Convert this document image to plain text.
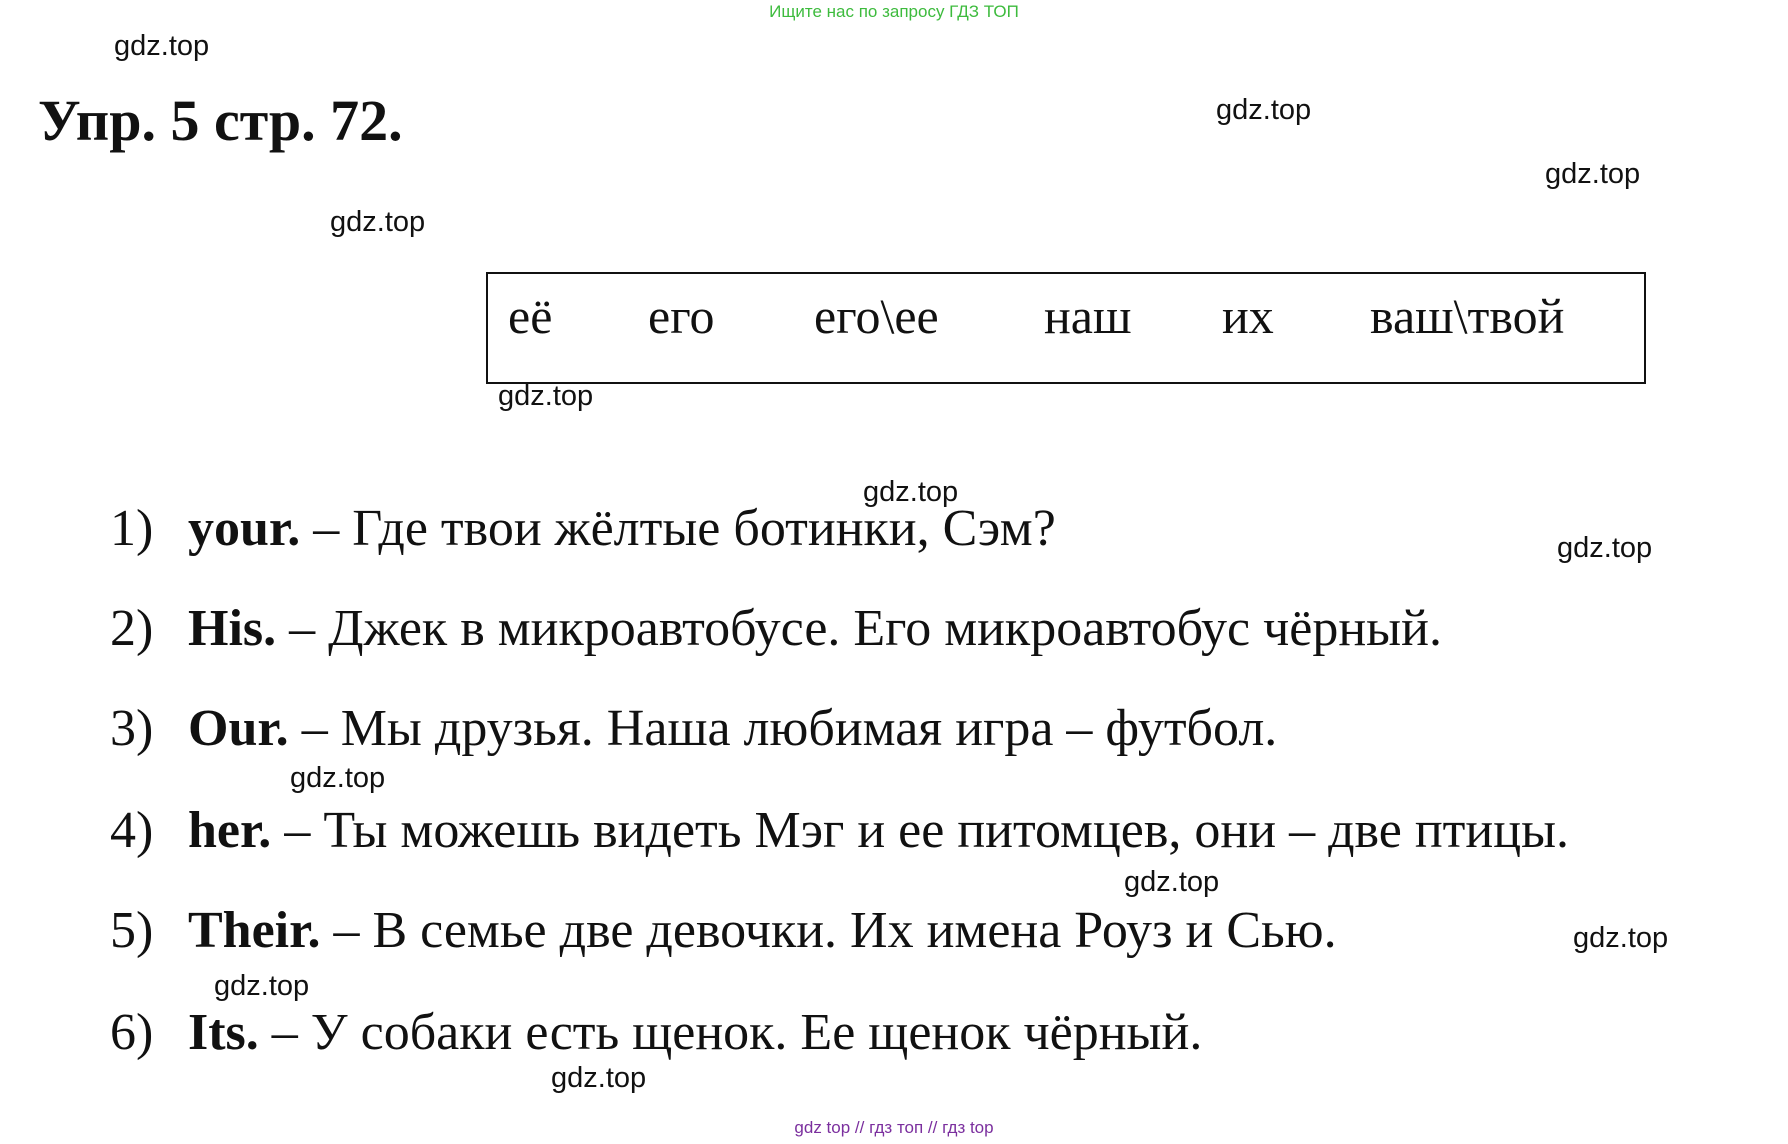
Ищите нас по запросу ГДЗ ТОП
Упр. 5 стр. 72.
gdz.top
gdz.top
gdz.top
gdz.top
gdz.top
gdz.top
gdz.top
gdz.top
gdz.top
gdz.top
gdz.top
gdz.top
её его его\ее наш их ваш\твой
1) your. – Где твои жёлтые ботинки, Сэм?
2) His. – Джек в микроавтобусе. Его микроавтобус чёрный.
3) Our. – Мы друзья. Наша любимая игра – футбол.
4) her. – Ты можешь видеть Мэг и ее питомцев, они – две птицы.
5) Their. – В семье две девочки. Их имена Роуз и Сью.
6) Its. – У собаки есть щенок. Ее щенок чёрный.
gdz top // гдз топ // гдз top
